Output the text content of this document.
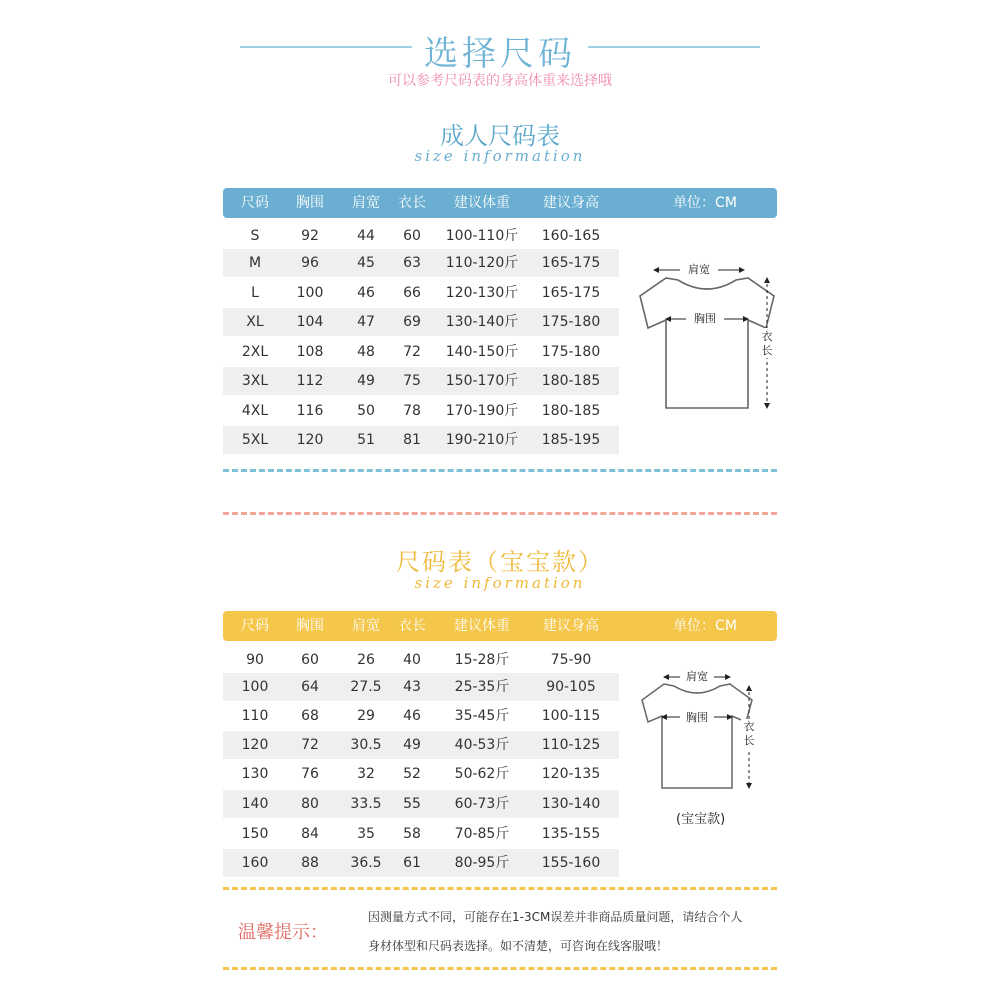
选择尺码
可以参考尺码表的身高体重来选择哦
成人尺码表
size information
尺码	胸围	肩宽	衣长	建议体重	建议身高	单位：CM
S	92	44	60	100-110斤	160-165
M	96	45	63	110-120斤	165-175
L	100	46	66	120-130斤	165-175
XL	104	47	69	130-140斤	175-180
2XL	108	48	72	140-150斤	175-180
3XL	112	49	75	150-170斤	180-185
4XL	116	50	78	170-190斤	180-185
5XL	120	51	81	190-210斤	185-195
肩宽
胸围
衣
长
尺码表（宝宝款）
size information
尺码	胸围	肩宽	衣长	建议体重	建议身高	单位：CM
90	60	26	40	15-28斤	75-90
100	64	27.5	43	25-35斤	90-105
110	68	29	46	35-45斤	100-115
120	72	30.5	49	40-53斤	110-125
130	76	32	52	50-62斤	120-135
140	80	33.5	55	60-73斤	130-140
150	84	35	58	70-85斤	135-155
160	88	36.5	61	80-95斤	155-160
肩宽
胸围
衣
长
(宝宝款)
温馨提示：
因测量方式不同，可能存在1-3CM误差并非商品质量问题，请结合个人
身材体型和尺码表选择。如不清楚，可咨询在线客服哦！
